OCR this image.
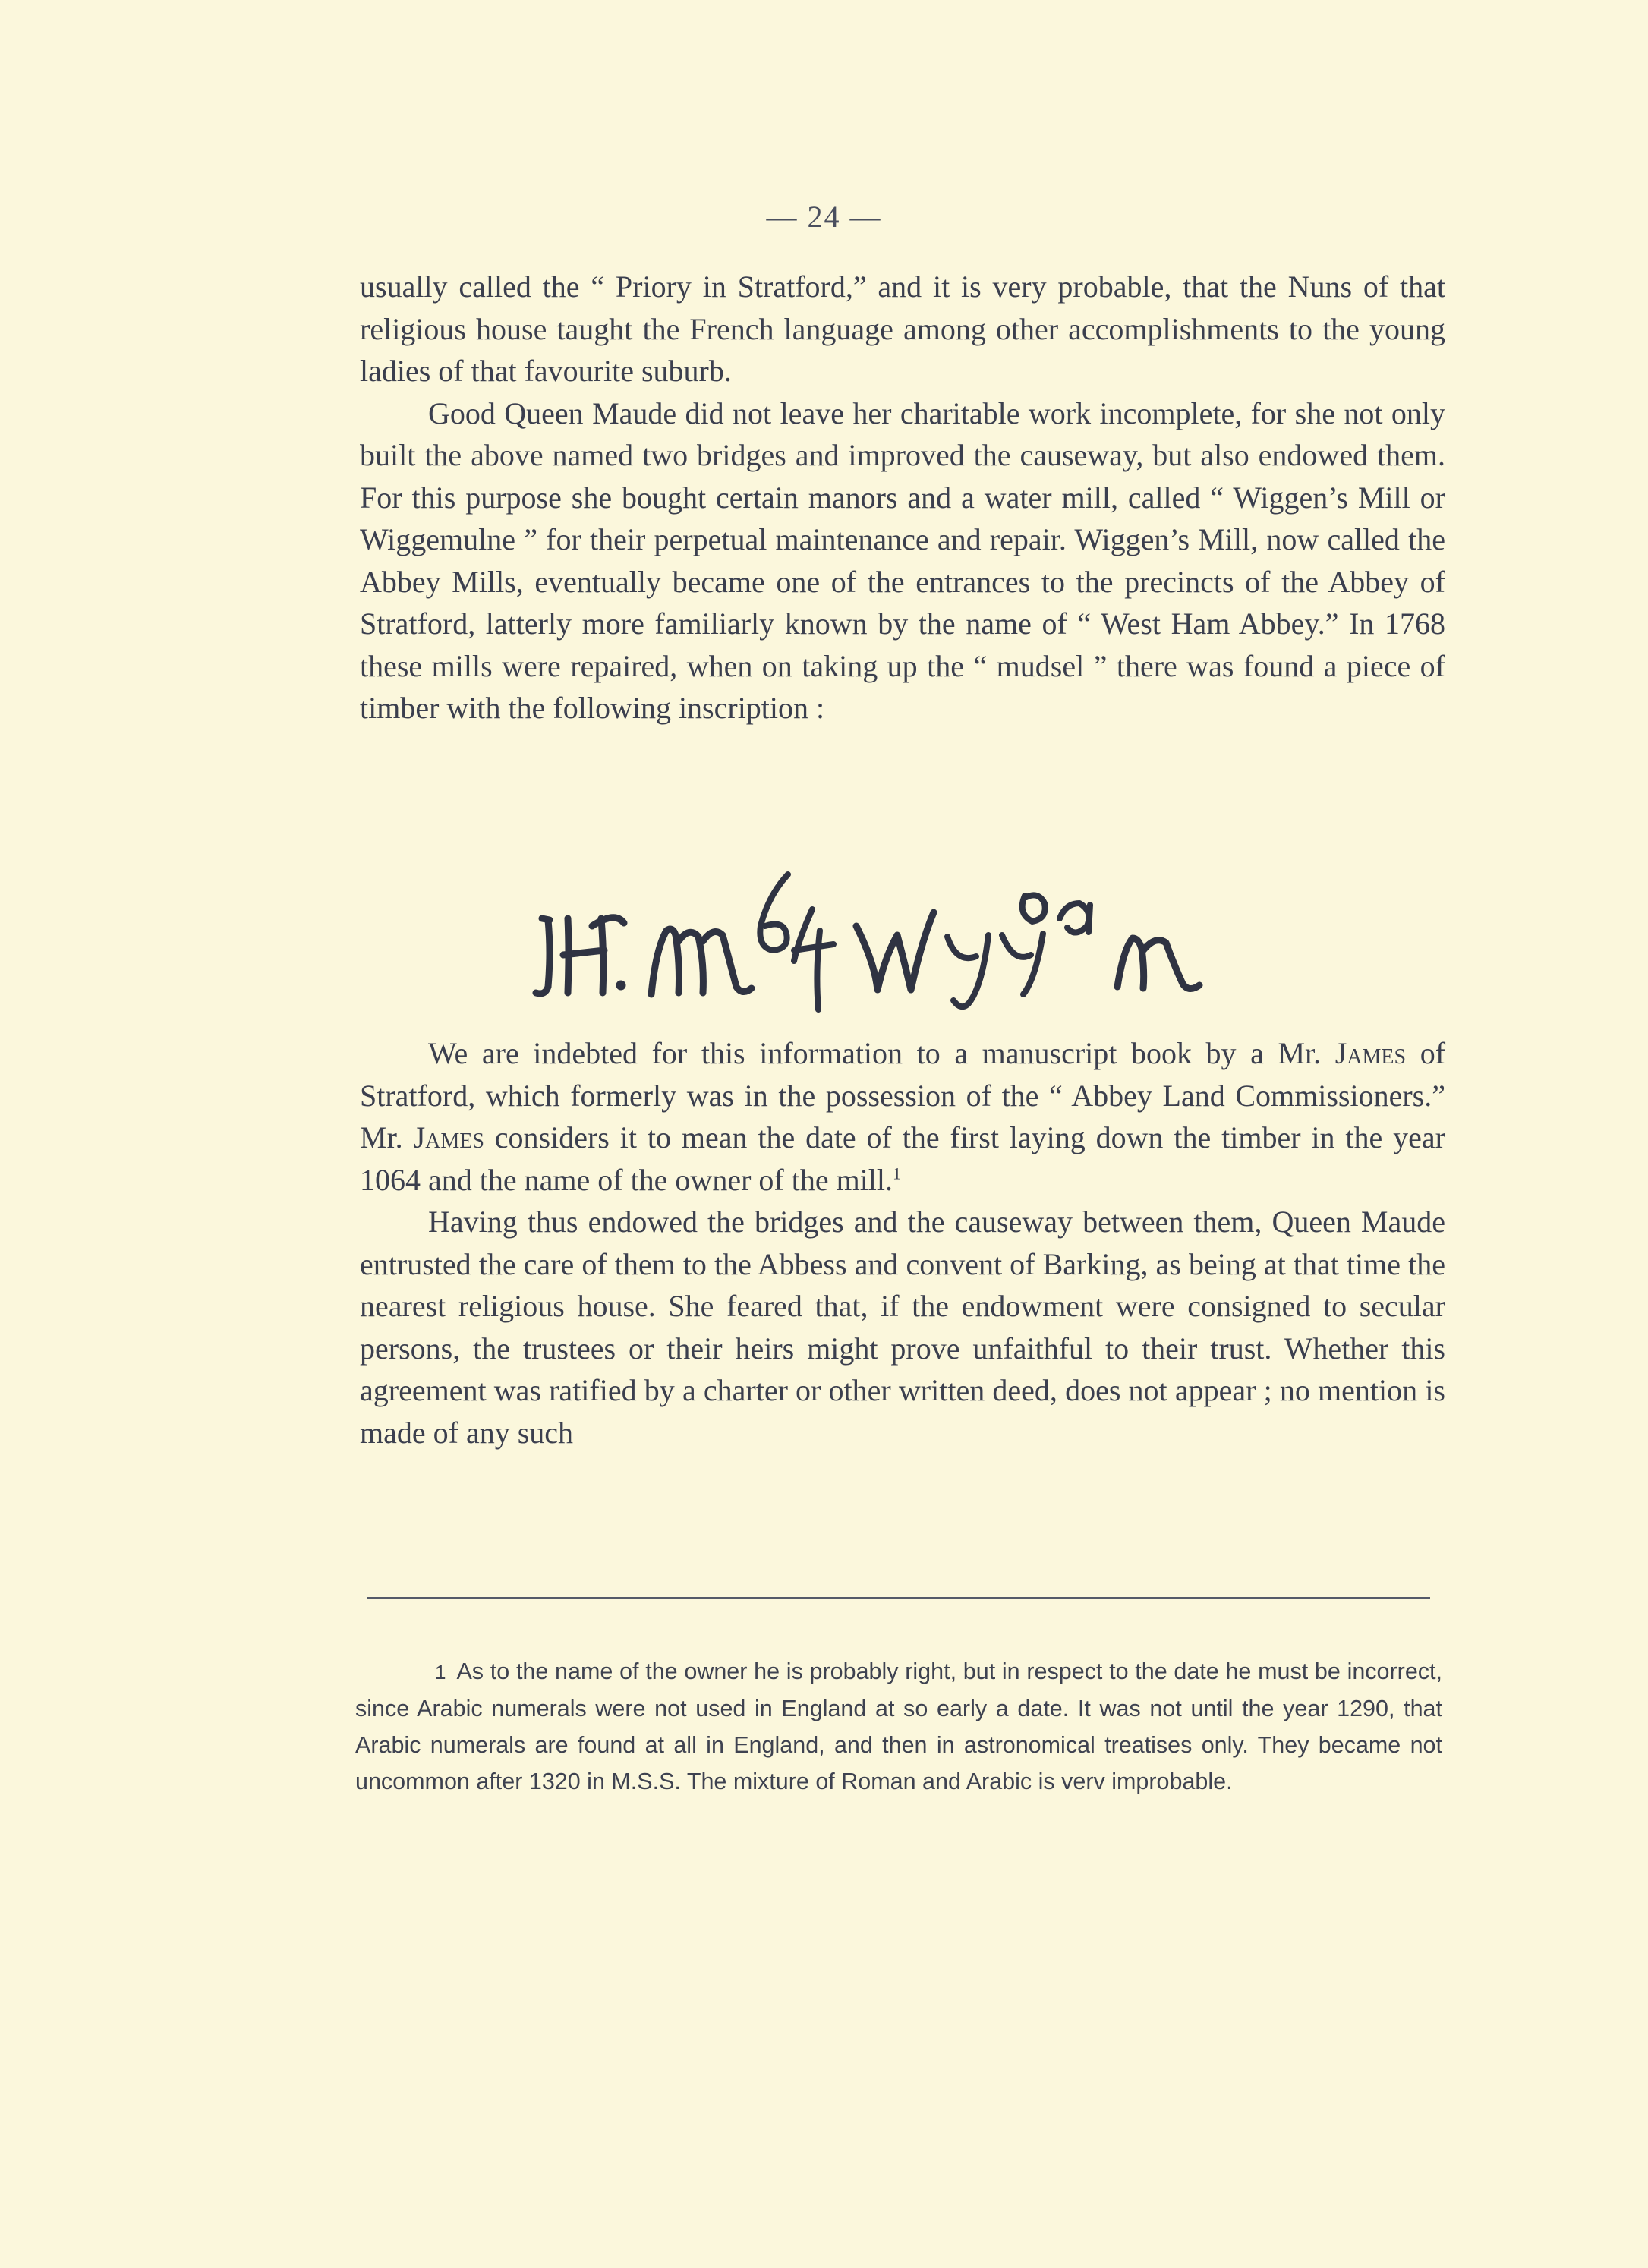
— 24 —

usually called the “ Priory in Stratford,” and it is very probable, that the Nuns of that religious house taught the French language among other accomplishments to the young ladies of that favourite suburb.

Good Queen Maude did not leave her charitable work incomplete, for she not only built the above named two bridges and improved the causeway, but also endowed them. For this purpose she bought certain manors and a water mill, called “ Wiggen’s Mill or Wiggemulne ” for their perpetual maintenance and repair. Wiggen’s Mill, now called the Abbey Mills, eventually became one of the entrances to the precincts of the Abbey of Stratford, latterly more familiarly known by the name of “ West Ham Abbey.” In 1768 these mills were repaired, when on taking up the “ mudsel ” there was found a piece of timber with the following inscription :

We are indebted for this information to a manuscript book by a Mr. James of Stratford, which formerly was in the possession of the “ Abbey Land Commissioners.” Mr. James considers it to mean the date of the first laying down the timber in the year 1064 and the name of the owner of the mill.$^1$

Having thus endowed the bridges and the causeway between them, Queen Maude entrusted the care of them to the Abbess and convent of Barking, as being at that time the nearest religious house. She feared that, if the endowment were consigned to secular persons, the trustees or their heirs might prove unfaithful to their trust. Whether this agreement was ratified by a charter or other written deed, does not appear ; no mention is made of any such

1 As to the name of the owner he is probably right, but in respect to the date he must be incorrect, since Arabic numerals were not used in England at so early a date. It was not until the year 1290, that Arabic numerals are found at all in England, and then in astronomical treatises only. They became not uncommon after 1320 in M.S.S. The mixture of Roman and Arabic is verv improbable.
